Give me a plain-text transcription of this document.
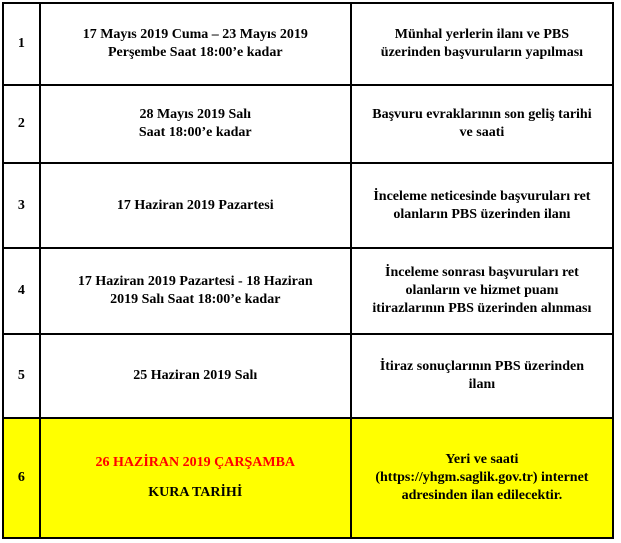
1	17 Mayıs 2019 Cuma – 23 Mayıs 2019
Perşembe Saat 18:00’e kadar	Münhal yerlerin ilanı ve PBS
üzerinden başvuruların yapılması

2	28 Mayıs 2019 Salı
Saat 18:00’e kadar	Başvuru evraklarının son geliş tarihi
ve saati

3	17 Haziran 2019 Pazartesi	İnceleme neticesinde başvuruları ret
olanların PBS üzerinden ilanı

4	17 Haziran 2019 Pazartesi - 18 Haziran
2019 Salı Saat 18:00’e kadar	İnceleme sonrası başvuruları ret
olanların ve hizmet puanı
itirazlarının PBS üzerinden alınması

5	25 Haziran 2019 Salı	İtiraz sonuçlarının PBS üzerinden
ilanı

6	26 HAZİRAN 2019 ÇARŞAMBA
KURA TARİHİ	Yeri ve saati
(https://yhgm.saglik.gov.tr) internet
adresinden ilan edilecektir.
